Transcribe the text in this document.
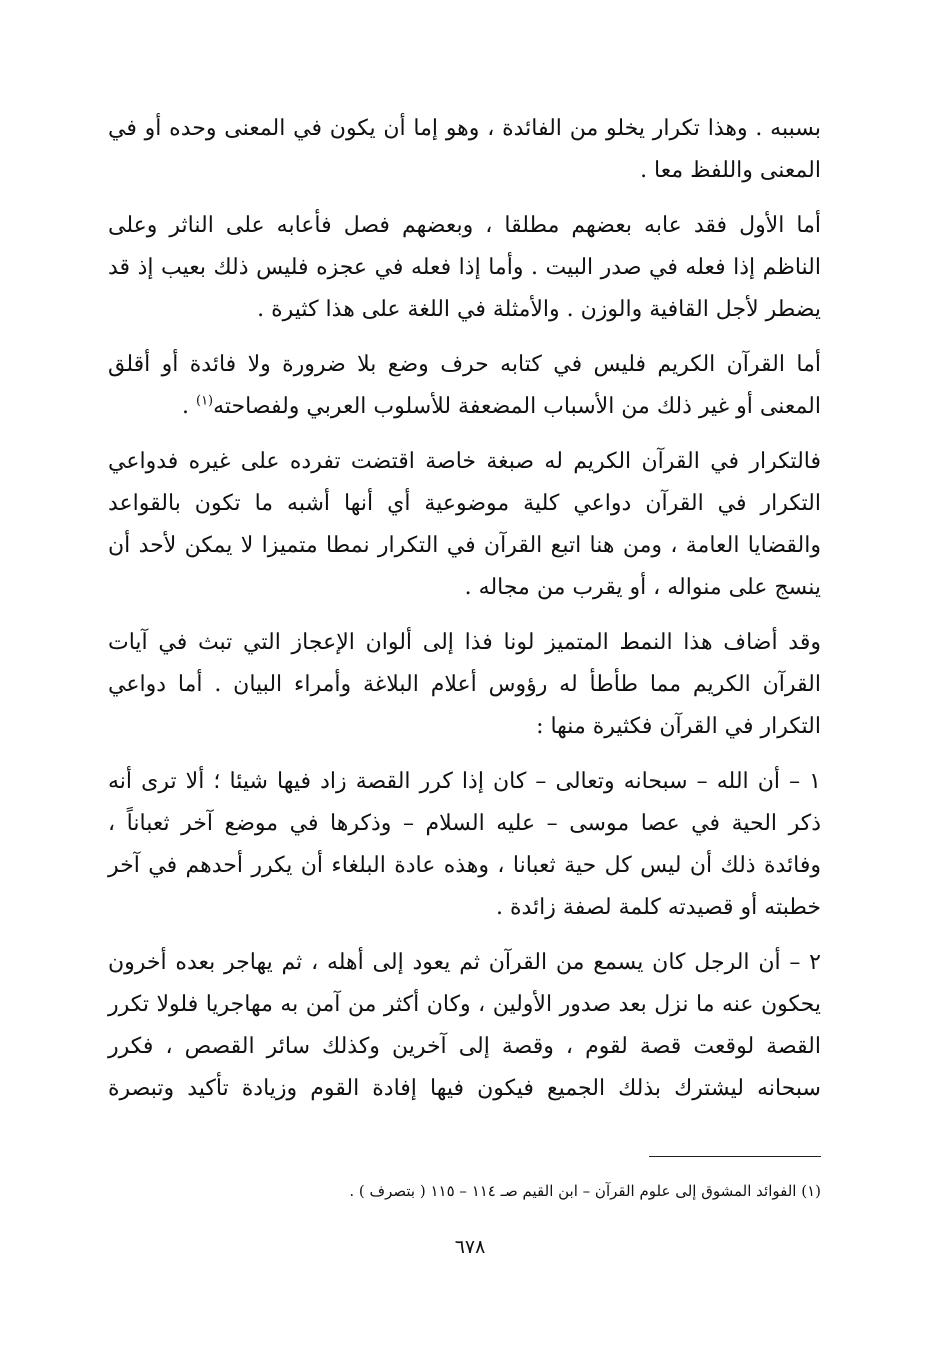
بسببه . وهذا تكرار يخلو من الفائدة ، وهو إما أن يكون في المعنى وحده أو في المعنى واللفظ معا .

أما الأول فقد عابه بعضهم مطلقا ، وبعضهم فصل فأعابه على الناثر وعلى الناظم إذا فعله في صدر البيت . وأما إذا فعله في عجزه فليس ذلك بعيب إذ قد يضطر لأجل القافية والوزن . والأمثلة في اللغة على هذا كثيرة .

أما القرآن الكريم فليس في كتابه حرف وضع بلا ضرورة ولا فائدة أو أقلق المعنى أو غير ذلك من الأسباب المضعفة للأسلوب العربي ولفصاحته$^{(١)}$ .

فالتكرار في القرآن الكريم له صبغة خاصة اقتضت تفرده على غيره فدواعي التكرار في القرآن دواعي كلية موضوعية أي أنها أشبه ما تكون بالقواعد والقضايا العامة ، ومن هنا اتبع القرآن في التكرار نمطا متميزا لا يمكن لأحد أن ينسج على منواله ، أو يقرب من مجاله .

وقد أضاف هذا النمط المتميز لونا فذا إلى ألوان الإعجاز التي تبث في آيات القرآن الكريم مما طأطأ له رؤوس أعلام البلاغة وأمراء البيان . أما دواعي التكرار في القرآن فكثيرة منها :

١ – أن الله – سبحانه وتعالى – كان إذا كرر القصة زاد فيها شيئا ؛ ألا ترى أنه ذكر الحية في عصا موسى – عليه السلام – وذكرها في موضع آخر ثعباناً ، وفائدة ذلك أن ليس كل حية ثعبانا ، وهذه عادة البلغاء أن يكرر أحدهم في آخر خطبته أو قصيدته كلمة لصفة زائدة .

٢ – أن الرجل كان يسمع من القرآن ثم يعود إلى أهله ، ثم يهاجر بعده أخرون يحكون عنه ما نزل بعد صدور الأولين ، وكان أكثر من آمن به مهاجريا فلولا تكرر القصة لوقعت قصة لقوم ، وقصة إلى آخرين وكذلك سائر القصص ، فكرر سبحانه ليشترك بذلك الجميع فيكون فيها إفادة القوم وزيادة تأكيد وتبصرة

(١) الفوائد المشوق إلى علوم القرآن – ابن القيم صـ ١١٤ – ١١٥ ( بتصرف ) .
٦٧٨
